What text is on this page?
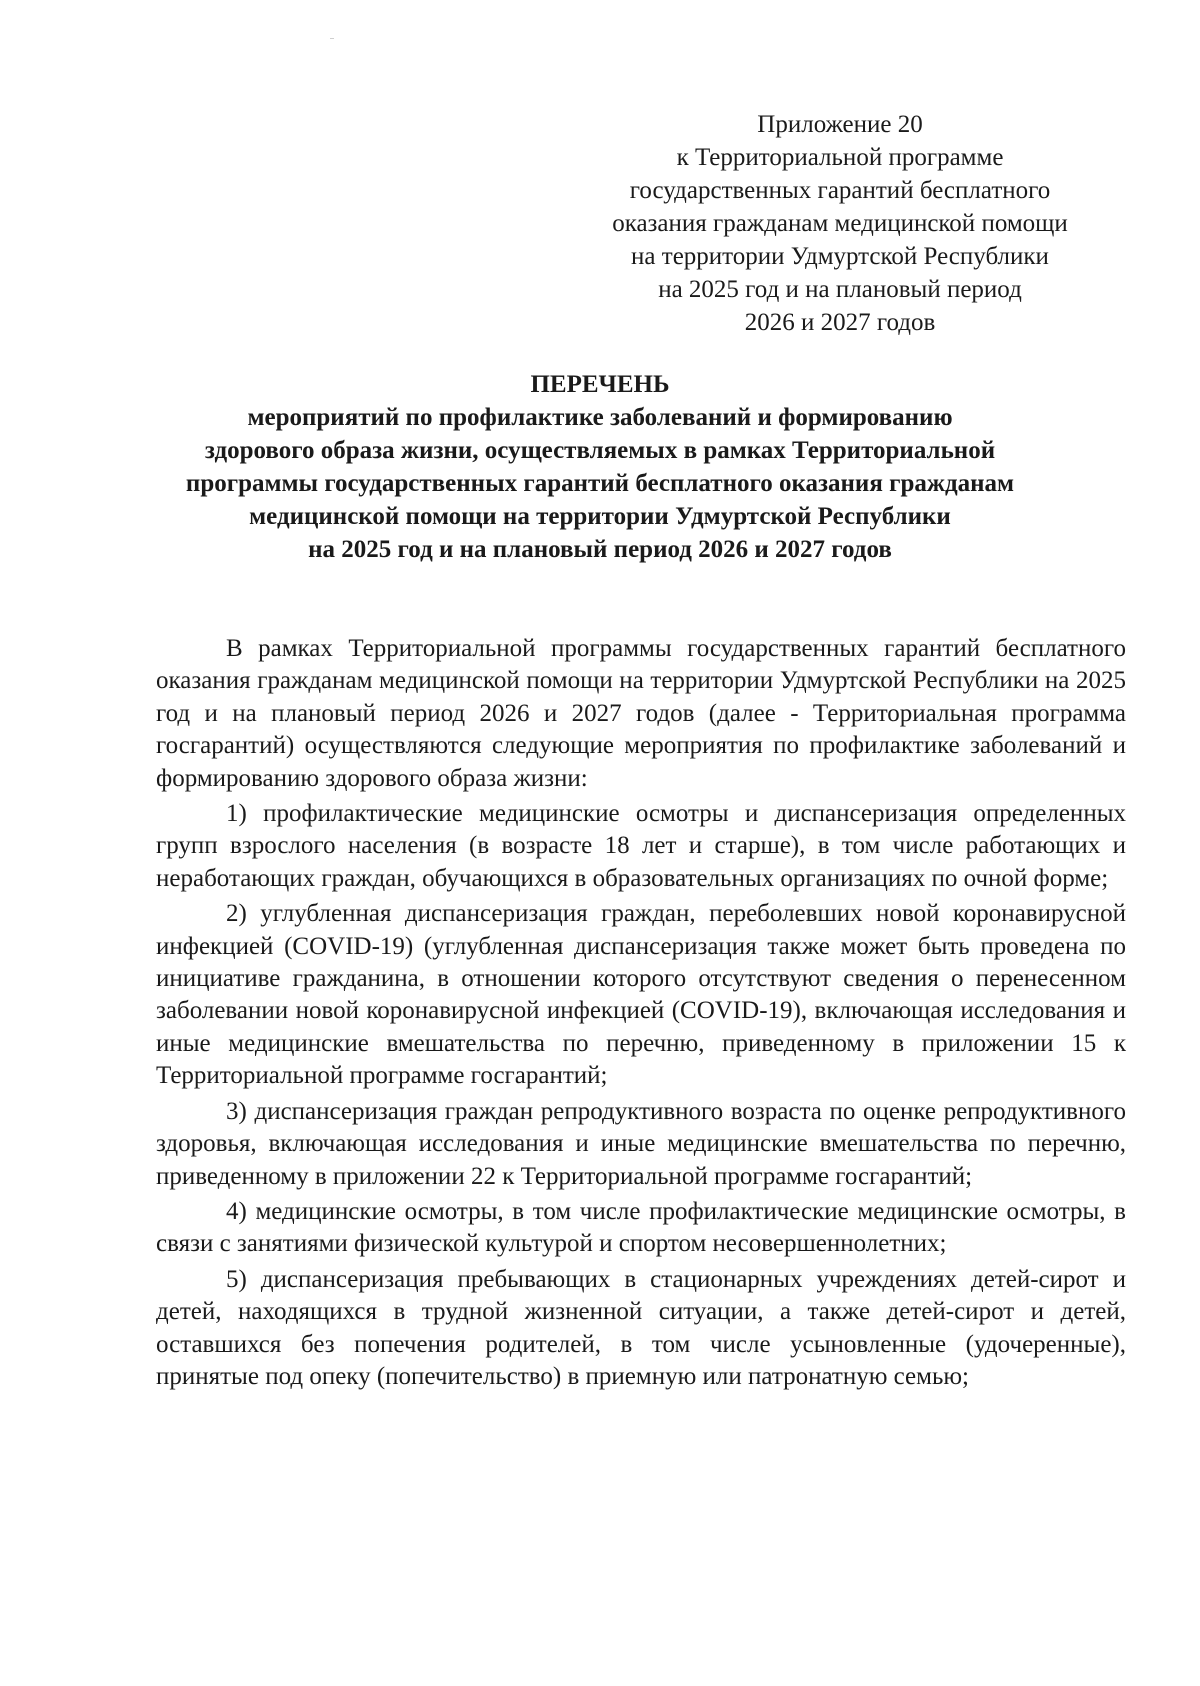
Приложение 20
к Территориальной программе
государственных гарантий бесплатного
оказания гражданам медицинской помощи
на территории Удмуртской Республики
на 2025 год и на плановый период
2026 и 2027 годов
ПЕРЕЧЕНЬ
мероприятий по профилактике заболеваний и формированию
здорового образа жизни, осуществляемых в рамках Территориальной
программы государственных гарантий бесплатного оказания гражданам
медицинской помощи на территории Удмуртской Республики
на 2025 год и на плановый период 2026 и 2027 годов

В рамках Территориальной программы государственных гарантий бесплатного оказания гражданам медицинской помощи на территории Удмуртской Республики на 2025 год и на плановый период 2026 и 2027 годов (далее - Территориальная программа госгарантий) осуществляются следующие мероприятия по профилактике заболеваний и формированию здорового образа жизни:

1) профилактические медицинские осмотры и диспансеризация определенных групп взрослого населения (в возрасте 18 лет и старше), в том числе работающих и неработающих граждан, обучающихся в образовательных организациях по очной форме;

2) углубленная диспансеризация граждан, переболевших новой коронавирусной инфекцией (COVID-19) (углубленная диспансеризация также может быть проведена по инициативе гражданина, в отношении которого отсутствуют сведения о перенесенном заболевании новой коронавирусной инфекцией (COVID-19), включающая исследования и иные медицинские вмешательства по перечню, приведенному в приложении 15 к Территориальной программе госгарантий;

3) диспансеризация граждан репродуктивного возраста по оценке репродуктивного здоровья, включающая исследования и иные медицинские вмешательства по перечню, приведенному в приложении 22 к Территориальной программе госгарантий;

4) медицинские осмотры, в том числе профилактические медицинские осмотры, в связи с занятиями физической культурой и спортом несовершеннолетних;

5) диспансеризация пребывающих в стационарных учреждениях детей-сирот и детей, находящихся в трудной жизненной ситуации, а также детей-сирот и детей, оставшихся без попечения родителей, в том числе усыновленные (удочеренные), принятые под опеку (попечительство) в приемную или патронатную семью;
